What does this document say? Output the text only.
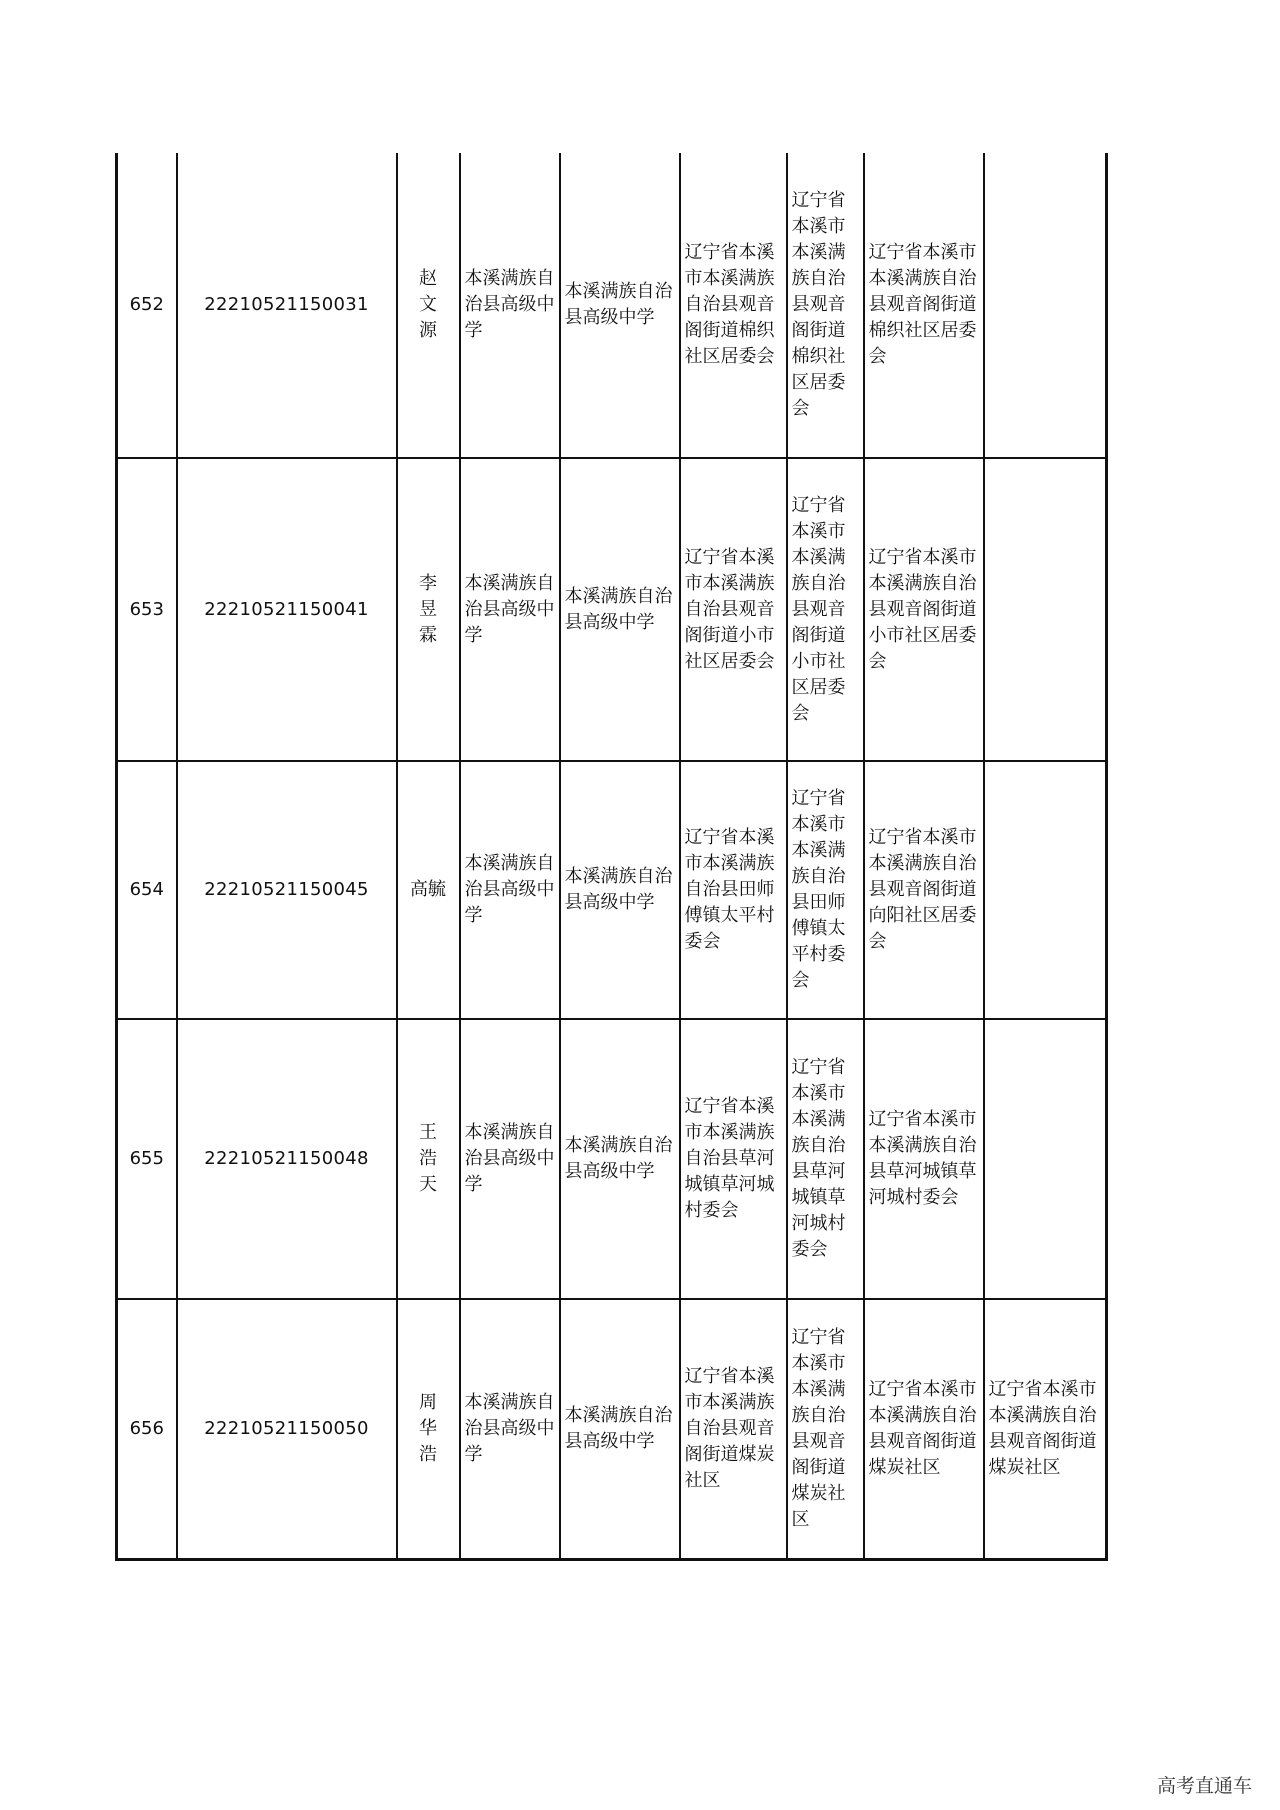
652	22210521150031	赵文源	本溪满族自治县高级中学	本溪满族自治县高级中学	辽宁省本溪市本溪满族自治县观音阁街道棉织社区居委会	辽宁省本溪市本溪满族自治县观音阁街道棉织社区居委会	辽宁省本溪市本溪满族自治县观音阁街道棉织社区居委会	
653	22210521150041	李昱霖	本溪满族自治县高级中学	本溪满族自治县高级中学	辽宁省本溪市本溪满族自治县观音阁街道小市社区居委会	辽宁省本溪市本溪满族自治县观音阁街道小市社区居委会	辽宁省本溪市本溪满族自治县观音阁街道小市社区居委会	
654	22210521150045	高毓	本溪满族自治县高级中学	本溪满族自治县高级中学	辽宁省本溪市本溪满族自治县田师傅镇太平村委会	辽宁省本溪市本溪满族自治县田师傅镇太平村委会	辽宁省本溪市本溪满族自治县观音阁街道向阳社区居委会	
655	22210521150048	王浩天	本溪满族自治县高级中学	本溪满族自治县高级中学	辽宁省本溪市本溪满族自治县草河城镇草河城村委会	辽宁省本溪市本溪满族自治县草河城镇草河城村委会	辽宁省本溪市本溪满族自治县草河城镇草河城村委会	
656	22210521150050	周华浩	本溪满族自治县高级中学	本溪满族自治县高级中学	辽宁省本溪市本溪满族自治县观音阁街道煤炭社区	辽宁省本溪市本溪满族自治县观音阁街道煤炭社区	辽宁省本溪市本溪满族自治县观音阁街道煤炭社区	辽宁省本溪市本溪满族自治县观音阁街道煤炭社区
高考直通车
